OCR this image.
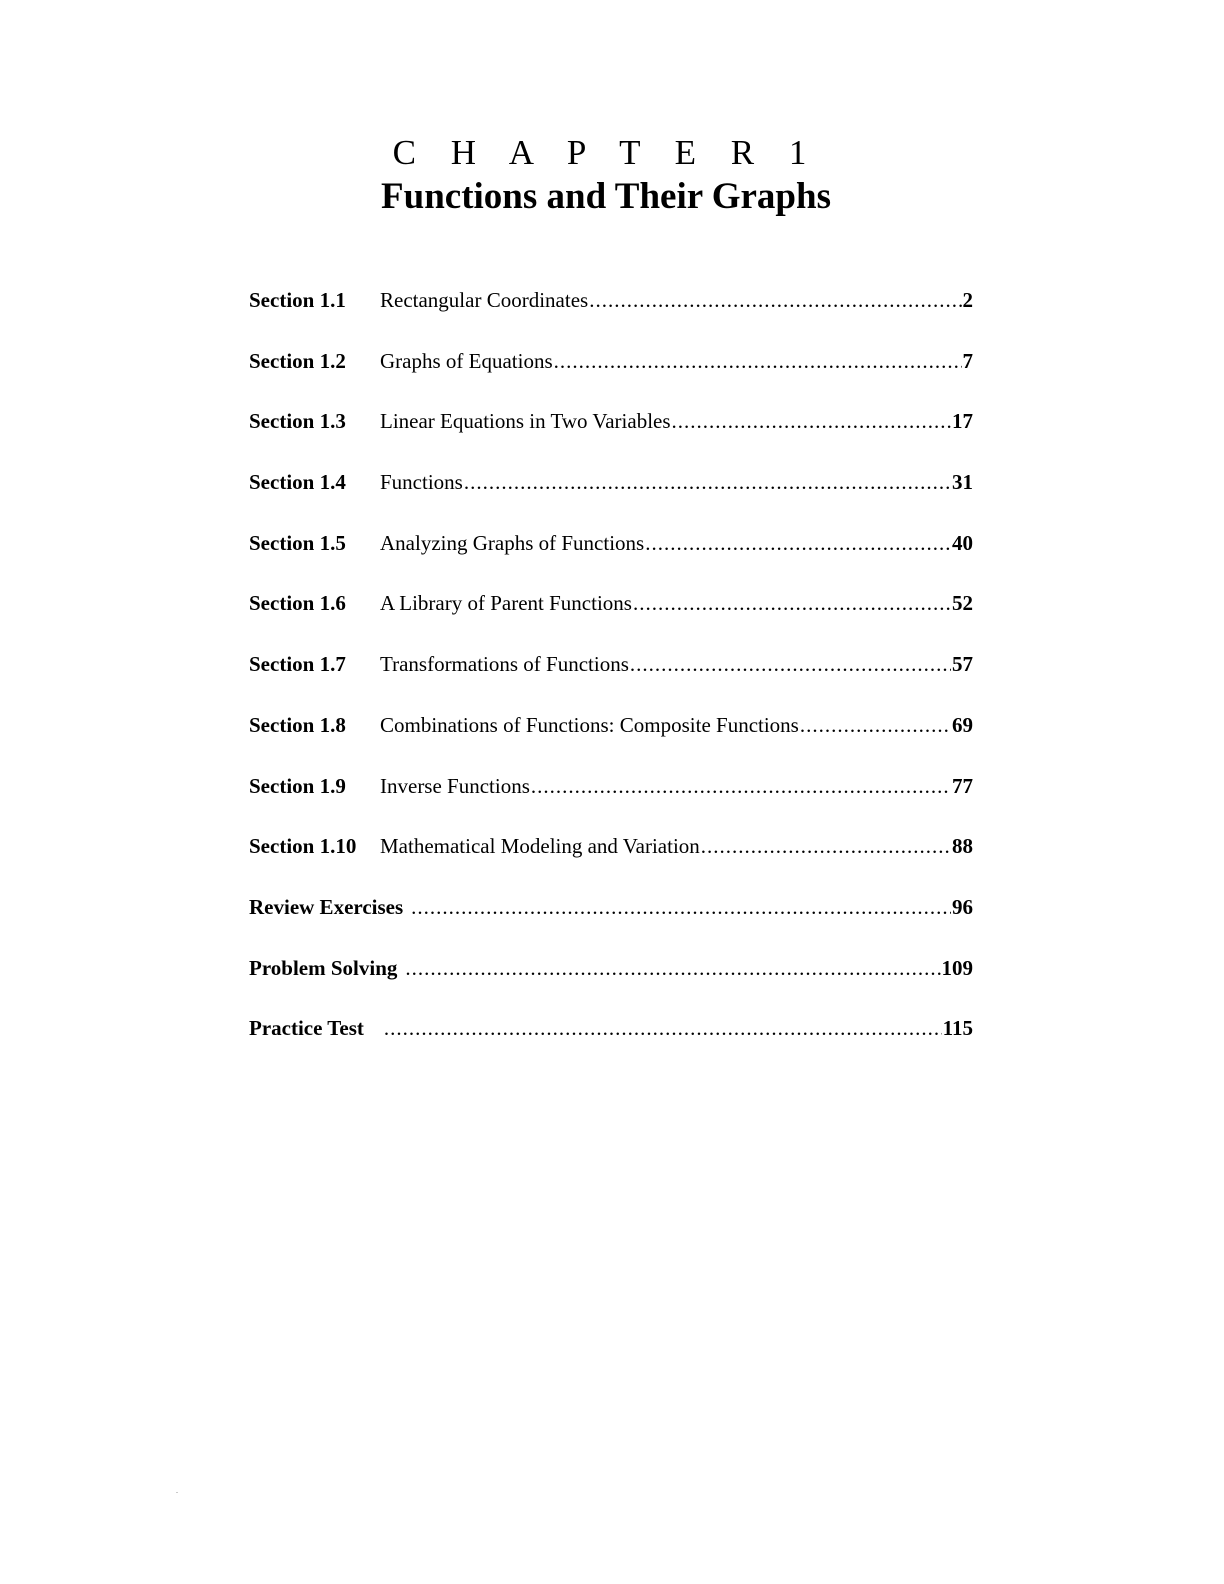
C H A P T E R 1
Functions and Their Graphs
Section 1.1	Rectangular Coordinates .....	2
Section 1.2	Graphs of Equations .....	7
Section 1.3	Linear Equations in Two Variables .....	17
Section 1.4	Functions .....	31
Section 1.5	Analyzing Graphs of Functions .....	40
Section 1.6	A Library of Parent Functions .....	52
Section 1.7	Transformations of Functions .....	57
Section 1.8	Combinations of Functions: Composite Functions .....	69
Section 1.9	Inverse Functions .....	77
Section 1.10	Mathematical Modeling and Variation .....	88
Review Exercises .....	96
Problem Solving .....	109
Practice Test .....	115
.
